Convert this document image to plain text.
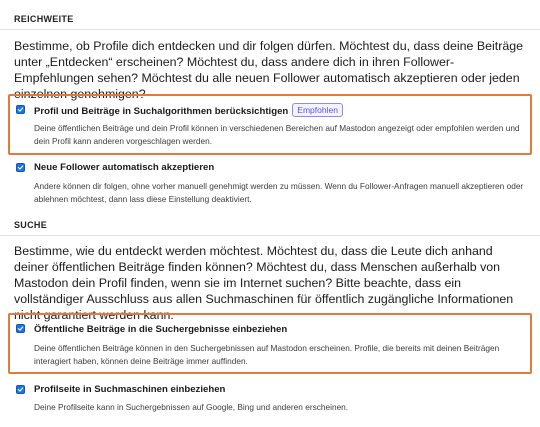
REICHWEITE
Bestimme, ob Profile dich entdecken und dir folgen dürfen. Möchtest du, dass deine Beiträge unter „Entdecken“ erscheinen? Möchtest du, dass andere dich in ihren Follower-Empfehlungen sehen? Möchtest du alle neuen Follower automatisch akzeptieren oder jeden einzelnen genehmigen?
Profil und Beiträge in Suchalgorithmen berücksichtigen Empfohlen
Deine öffentlichen Beiträge und dein Profil können in verschiedenen Bereichen auf Mastodon angezeigt oder empfohlen werden und dein Profil kann anderen vorgeschlagen werden.
Neue Follower automatisch akzeptieren
Andere können dir folgen, ohne vorher manuell genehmigt werden zu müssen. Wenn du Follower-Anfragen manuell akzeptieren oder ablehnen möchtest, dann lass diese Einstellung deaktiviert.
SUCHE
Bestimme, wie du entdeckt werden möchtest. Möchtest du, dass die Leute dich anhand deiner öffentlichen Beiträge finden können? Möchtest du, dass Menschen außerhalb von Mastodon dein Profil finden, wenn sie im Internet suchen? Bitte beachte, dass ein vollständiger Ausschluss aus allen Suchmaschinen für öffentlich zugängliche Informationen nicht garantiert werden kann.
Öffentliche Beiträge in die Suchergebnisse einbeziehen
Deine öffentlichen Beiträge können in den Suchergebnissen auf Mastodon erscheinen. Profile, die bereits mit deinen Beiträgen interagiert haben, können deine Beiträge immer auffinden.
Profilseite in Suchmaschinen einbeziehen
Deine Profilseite kann in Suchergebnissen auf Google, Bing und anderen erscheinen.
